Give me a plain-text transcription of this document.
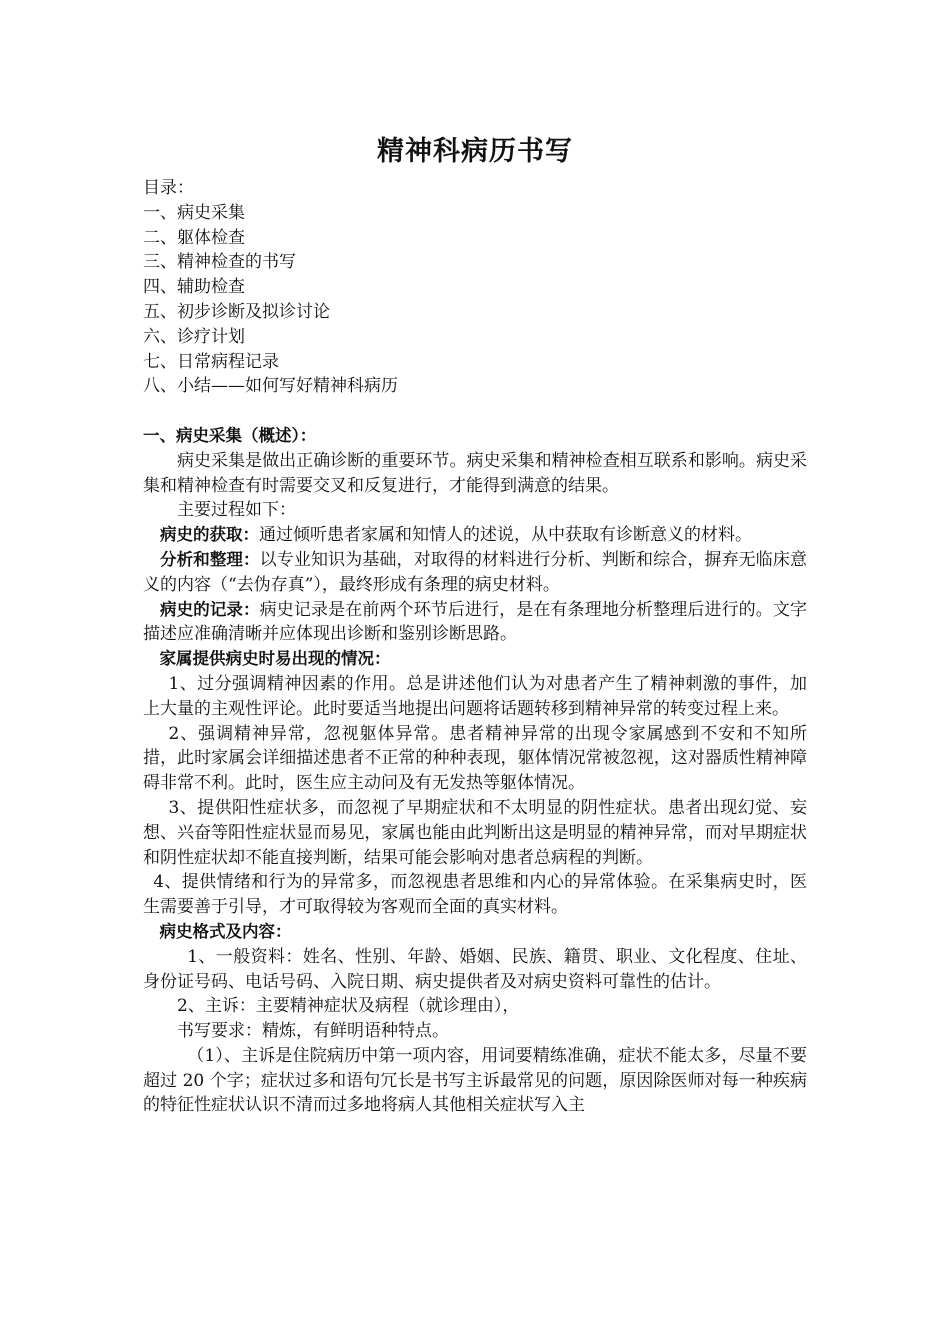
精神科病历书写

目录：

一、病史采集

二、躯体检查

三、精神检查的书写

四、辅助检查

五、初步诊断及拟诊讨论

六、诊疗计划

七、日常病程记录

八、小结——如何写好精神科病历

一、病史采集（概述）：

病史采集是做出正确诊断的重要环节。病史采集和精神检查相互联系和影响。病史采集和精神检查有时需要交叉和反复进行，才能得到满意的结果。

主要过程如下：

病史的获取：通过倾听患者家属和知情人的述说，从中获取有诊断意义的材料。

分析和整理：以专业知识为基础，对取得的材料进行分析、判断和综合，摒弃无临床意义的内容（“去伪存真”），最终形成有条理的病史材料。

病史的记录：病史记录是在前两个环节后进行，是在有条理地分析整理后进行的。文字描述应准确清晰并应体现出诊断和鉴别诊断思路。

家属提供病史时易出现的情况：

1、过分强调精神因素的作用。总是讲述他们认为对患者产生了精神刺激的事件，加上大量的主观性评论。此时要适当地提出问题将话题转移到精神异常的转变过程上来。

2、强调精神异常，忽视躯体异常。患者精神异常的出现令家属感到不安和不知所措，此时家属会详细描述患者不正常的种种表现，躯体情况常被忽视，这对器质性精神障碍非常不利。此时，医生应主动问及有无发热等躯体情况。

3、提供阳性症状多，而忽视了早期症状和不太明显的阴性症状。患者出现幻觉、妄想、兴奋等阳性症状显而易见，家属也能由此判断出这是明显的精神异常，而对早期症状和阴性症状却不能直接判断，结果可能会影响对患者总病程的判断。

4、提供情绪和行为的异常多，而忽视患者思维和内心的异常体验。在采集病史时，医生需要善于引导，才可取得较为客观而全面的真实材料。

病史格式及内容：

1、一般资料：姓名、性别、年龄、婚姻、民族、籍贯、职业、文化程度、住址、身份证号码、电话号码、入院日期、病史提供者及对病史资料可靠性的估计。

2、主诉：主要精神症状及病程（就诊理由），

书写要求：精炼，有鲜明语种特点。

（1）、主诉是住院病历中第一项内容，用词要精练准确，症状不能太多，尽量不要超过 20 个字；症状过多和语句冗长是书写主诉最常见的问题，原因除医师对每一种疾病的特征性症状认识不清而过多地将病人其他相关症状写入主
